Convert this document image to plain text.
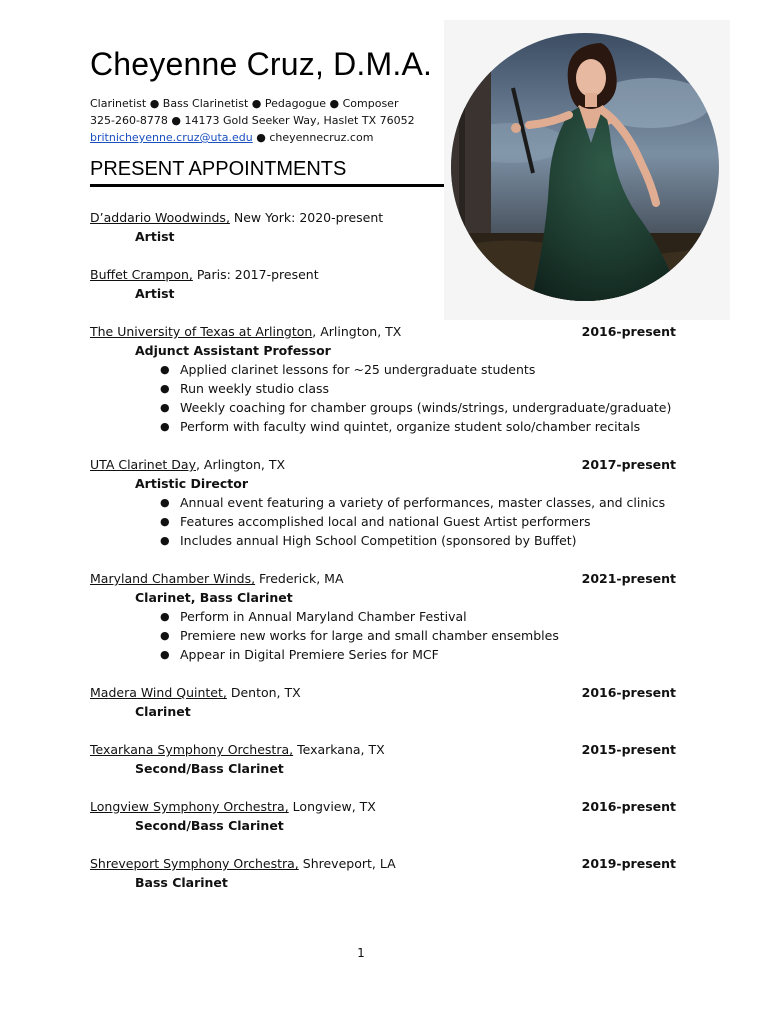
Cheyenne Cruz, D.M.A.
Clarinetist ● Bass Clarinetist ● Pedagogue ● Composer
325-260-8778 ● 14173 Gold Seeker Way, Haslet TX 76052
britnicheyenne.cruz@uta.edu ● cheyennecruz.com
PRESENT APPOINTMENTS
D’addario Woodwinds, New York: 2020-present
Artist
Buffet Crampon, Paris: 2017-present
Artist
The University of Texas at Arlington, Arlington, TX	2016-present
Adjunct Assistant Professor
● Applied clarinet lessons for ~25 undergraduate students
● Run weekly studio class
● Weekly coaching for chamber groups (winds/strings, undergraduate/graduate)
● Perform with faculty wind quintet, organize student solo/chamber recitals
UTA Clarinet Day, Arlington, TX	2017-present
Artistic Director
● Annual event featuring a variety of performances, master classes, and clinics
● Features accomplished local and national Guest Artist performers
● Includes annual High School Competition (sponsored by Buffet)
Maryland Chamber Winds, Frederick, MA	2021-present
Clarinet, Bass Clarinet
● Perform in Annual Maryland Chamber Festival
● Premiere new works for large and small chamber ensembles
● Appear in Digital Premiere Series for MCF
Madera Wind Quintet, Denton, TX	2016-present
Clarinet
Texarkana Symphony Orchestra, Texarkana, TX	2015-present
Second/Bass Clarinet
Longview Symphony Orchestra, Longview, TX	2016-present
Second/Bass Clarinet
Shreveport Symphony Orchestra, Shreveport, LA	2019-present
Bass Clarinet
1
